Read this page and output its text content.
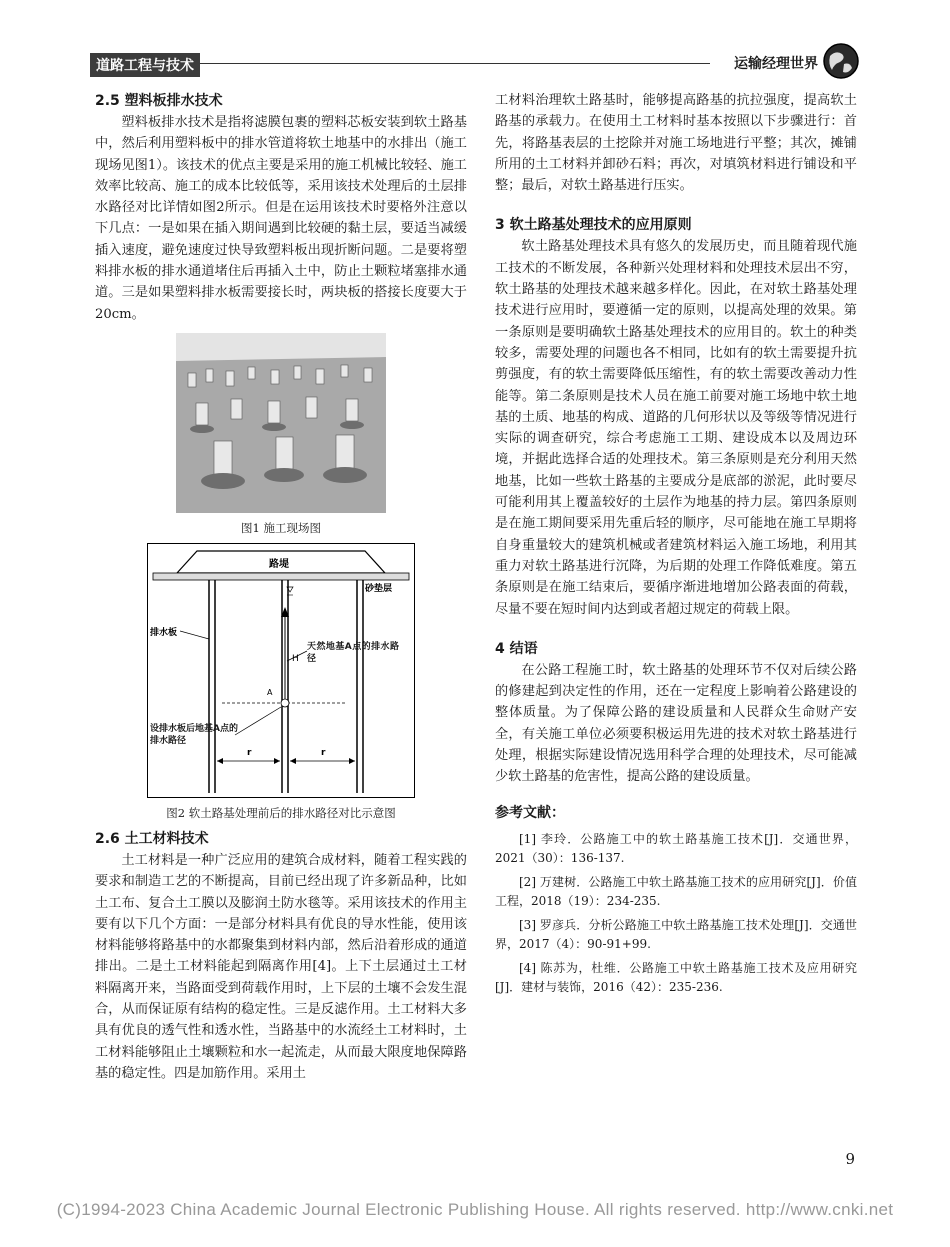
道路工程与技术	运输经理世界

2.5 塑料板排水技术

塑料板排水技术是指将滤膜包裹的塑料芯板安装到软土路基中，然后利用塑料板中的排水管道将软土地基中的水排出（施工现场见图1）。该技术的优点主要是采用的施工机械比较轻、施工效率比较高、施工的成本比较低等，采用该技术处理后的土层排水路径对比详情如图2所示。但是在运用该技术时要格外注意以下几点：一是如果在插入期间遇到比较硬的黏土层，要适当减缓插入速度，避免速度过快导致塑料板出现折断问题。二是要将塑料排水板的排水通道堵住后再插入土中，防止土颗粒堵塞排水通道。三是如果塑料排水板需要接长时，两块板的搭接长度要大于20cm。

图1 施工现场图

路堤
砂垫层
排水板
H
A
天然地基A点的排水路径
设排水板后地基A点的排水路径
r	r

图2 软土路基处理前后的排水路径对比示意图

2.6 土工材料技术

土工材料是一种广泛应用的建筑合成材料，随着工程实践的要求和制造工艺的不断提高，目前已经出现了许多新品种，比如土工布、复合土工膜以及膨润土防水毯等。采用该技术的作用主要有以下几个方面：一是部分材料具有优良的导水性能，使用该材料能够将路基中的水都聚集到材料内部，然后沿着形成的通道排出。二是土工材料能起到隔离作用[4]。上下土层通过土工材料隔离开来，当路面受到荷载作用时，上下层的土壤不会发生混合，从而保证原有结构的稳定性。三是反滤作用。土工材料大多具有优良的透气性和透水性，当路基中的水流经土工材料时，土工材料能够阻止土壤颗粒和水一起流走，从而最大限度地保障路基的稳定性。四是加筋作用。采用土

工材料治理软土路基时，能够提高路基的抗拉强度，提高软土路基的承载力。在使用土工材料时基本按照以下步骤进行：首先，将路基表层的土挖除并对施工场地进行平整；其次，摊铺所用的土工材料并卸砂石料；再次，对填筑材料进行铺设和平整；最后，对软土路基进行压实。

3 软土路基处理技术的应用原则

软土路基处理技术具有悠久的发展历史，而且随着现代施工技术的不断发展，各种新兴处理材料和处理技术层出不穷，软土路基的处理技术越来越多样化。因此，在对软土路基处理技术进行应用时，要遵循一定的原则，以提高处理的效果。第一条原则是要明确软土路基处理技术的应用目的。软土的种类较多，需要处理的问题也各不相同，比如有的软土需要提升抗剪强度，有的软土需要降低压缩性，有的软土需要改善动力性能等。第二条原则是技术人员在施工前要对施工场地中软土地基的土质、地基的构成、道路的几何形状以及等级等情况进行实际的调查研究，综合考虑施工工期、建设成本以及周边环境，并据此选择合适的处理技术。第三条原则是充分利用天然地基，比如一些软土路基的主要成分是底部的淤泥，此时要尽可能利用其上覆盖较好的土层作为地基的持力层。第四条原则是在施工期间要采用先重后轻的顺序，尽可能地在施工早期将自身重量较大的建筑机械或者建筑材料运入施工场地，利用其重力对软土路基进行沉降，为后期的处理工作降低难度。第五条原则是在施工结束后，要循序渐进地增加公路表面的荷载，尽量不要在短时间内达到或者超过规定的荷载上限。

4 结语

在公路工程施工时，软土路基的处理环节不仅对后续公路的修建起到决定性的作用，还在一定程度上影响着公路建设的整体质量。为了保障公路的建设质量和人民群众生命财产安全，有关施工单位必须要积极运用先进的技术对软土路基进行处理，根据实际建设情况选用科学合理的处理技术，尽可能减少软土路基的危害性，提高公路的建设质量。

参考文献：

[1] 李玲．公路施工中的软土路基施工技术[J]．交通世界，2021（30）：136-137.

[2] 万建树．公路施工中软土路基施工技术的应用研究[J]．价值工程，2018（19）：234-235.

[3] 罗彦兵．分析公路施工中软土路基施工技术处理[J]．交通世界，2017（4）：90-91+99.

[4] 陈苏为，杜维．公路施工中软土路基施工技术及应用研究[J]．建材与装饰，2016（42）：235-236.

9
(C)1994-2023 China Academic Journal Electronic Publishing House. All rights reserved. http://www.cnki.net
